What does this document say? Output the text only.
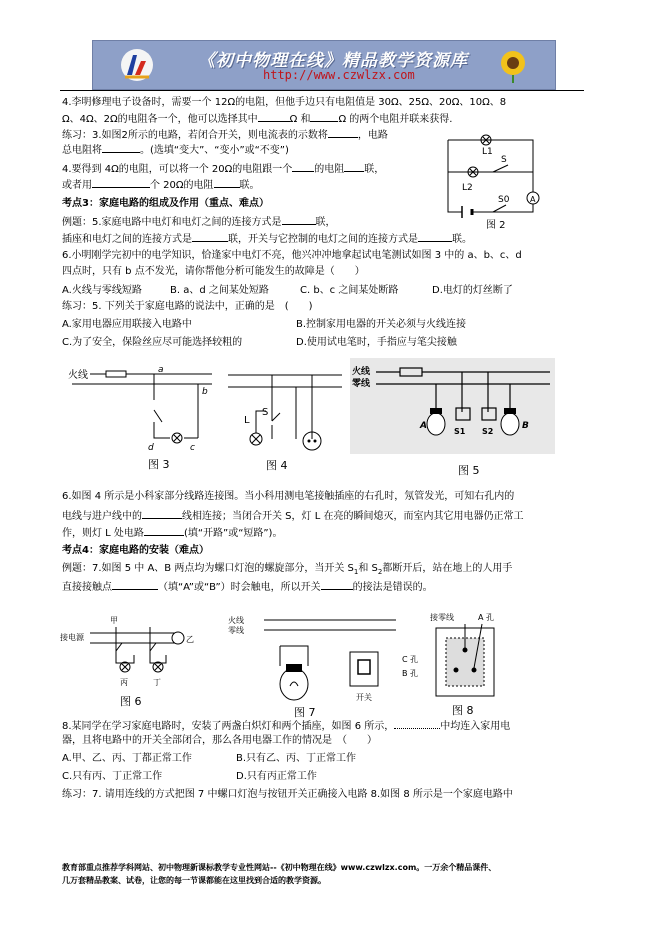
《初中物理在线》精品教学资源库
http://www.czwlzx.com
4.李明修理电子设备时，需要一个 12Ω的电阻，但他手边只有电阻值是 30Ω、25Ω、20Ω、10Ω、8
Ω、4Ω、2Ω的电阻各一个，他可以选择其中	Ω 和	Ω 的两个电阻并联来获得.
练习：3.如图2所示的电路，若闭合开关，则电流表的示数将	，电路
总电阻将	。(选填“变大”、“变小”或“不变”)
4.要得到 4Ω的电阻，可以将一个 20Ω的电阻跟一个 的电阻 联，
或者用	个 20Ω的电阻	联。
L1
S
L2
S0	A
图 2
考点3：家庭电路的组成及作用（重点、难点）
例题：5.家庭电路中电灯和电灯之间的连接方式是	联，
插座和电灯之间的连接方式是	联，开关与它控制的电灯之间的连接方式是	联。
6.小明刚学完初中的电学知识，恰逢家中电灯不亮，他兴冲冲地拿起试电笔测试如图 3 中的 a、b、c、d
四点时，只有 b 点不发光，请你帮他分析可能发生的故障是（　　）
A.火线与零线短路	B. a、d 之间某处短路	C. b、c 之间某处断路	D.电灯的灯丝断了
练习：5. 下列关于家庭电路的说法中，正确的是　(　　)
A.家用电器应用联接入电路中	B.控制家用电器的开关必须与火线连接
C.为了安全，保险丝应尽可能选择较粗的	D.使用试电笔时，手指应与笔尖接触
火线	a
b
c
d
图 3
L
S
图 4
火线
零线
A	B
S1 S2
图 5
6.如图 4 所示是小科家部分线路连接图。当小科用测电笔接触插座的右孔时，氖管发光，可知右孔内的
电线与进户线中的	线相连接；当闭合开关 S，灯 L 在亮的瞬间熄灭，而室内其它用电器仍正常工
作，则灯 L 处电路	(填“开路”或“短路”)。
考点4：家庭电路的安装（难点）
例题：7.如图 5 中 A、B 两点均为螺口灯泡的螺旋部分，当开关 $S_1$和 $S_2$都断开后，站在地上的人用手
直接接触点	（填“A”或“B”）时会触电，所以开关	的接法是错误的。
接电源
甲
乙
丙	丁
图 6
火线
零线
开关
图 7
接零线	A 孔
C 孔
B 孔
图 8
8.某同学在学习家庭电路时，安装了两盏白炽灯和两个插座，如图 6 所示，	中均连入家用电
器，且将电路中的开关全部闭合，那么各用电器工作的情况是　（　　）
A.甲、乙、丙、丁都正常工作	B.只有乙、丙、丁正常工作
C.只有丙、丁正常工作	D.只有丙正常工作
练习：7. 请用连线的方式把图 7 中螺口灯泡与按钮开关正确接入电路 8.如图 8 所示是一个家庭电路中
教育部重点推荐学科网站、初中物理新课标教学专业性网站--《初中物理在线》www.czwlzx.com。一万余个精品课件、
几万套精品教案、试卷，让您的每一节课都能在这里找到合适的教学资源。
